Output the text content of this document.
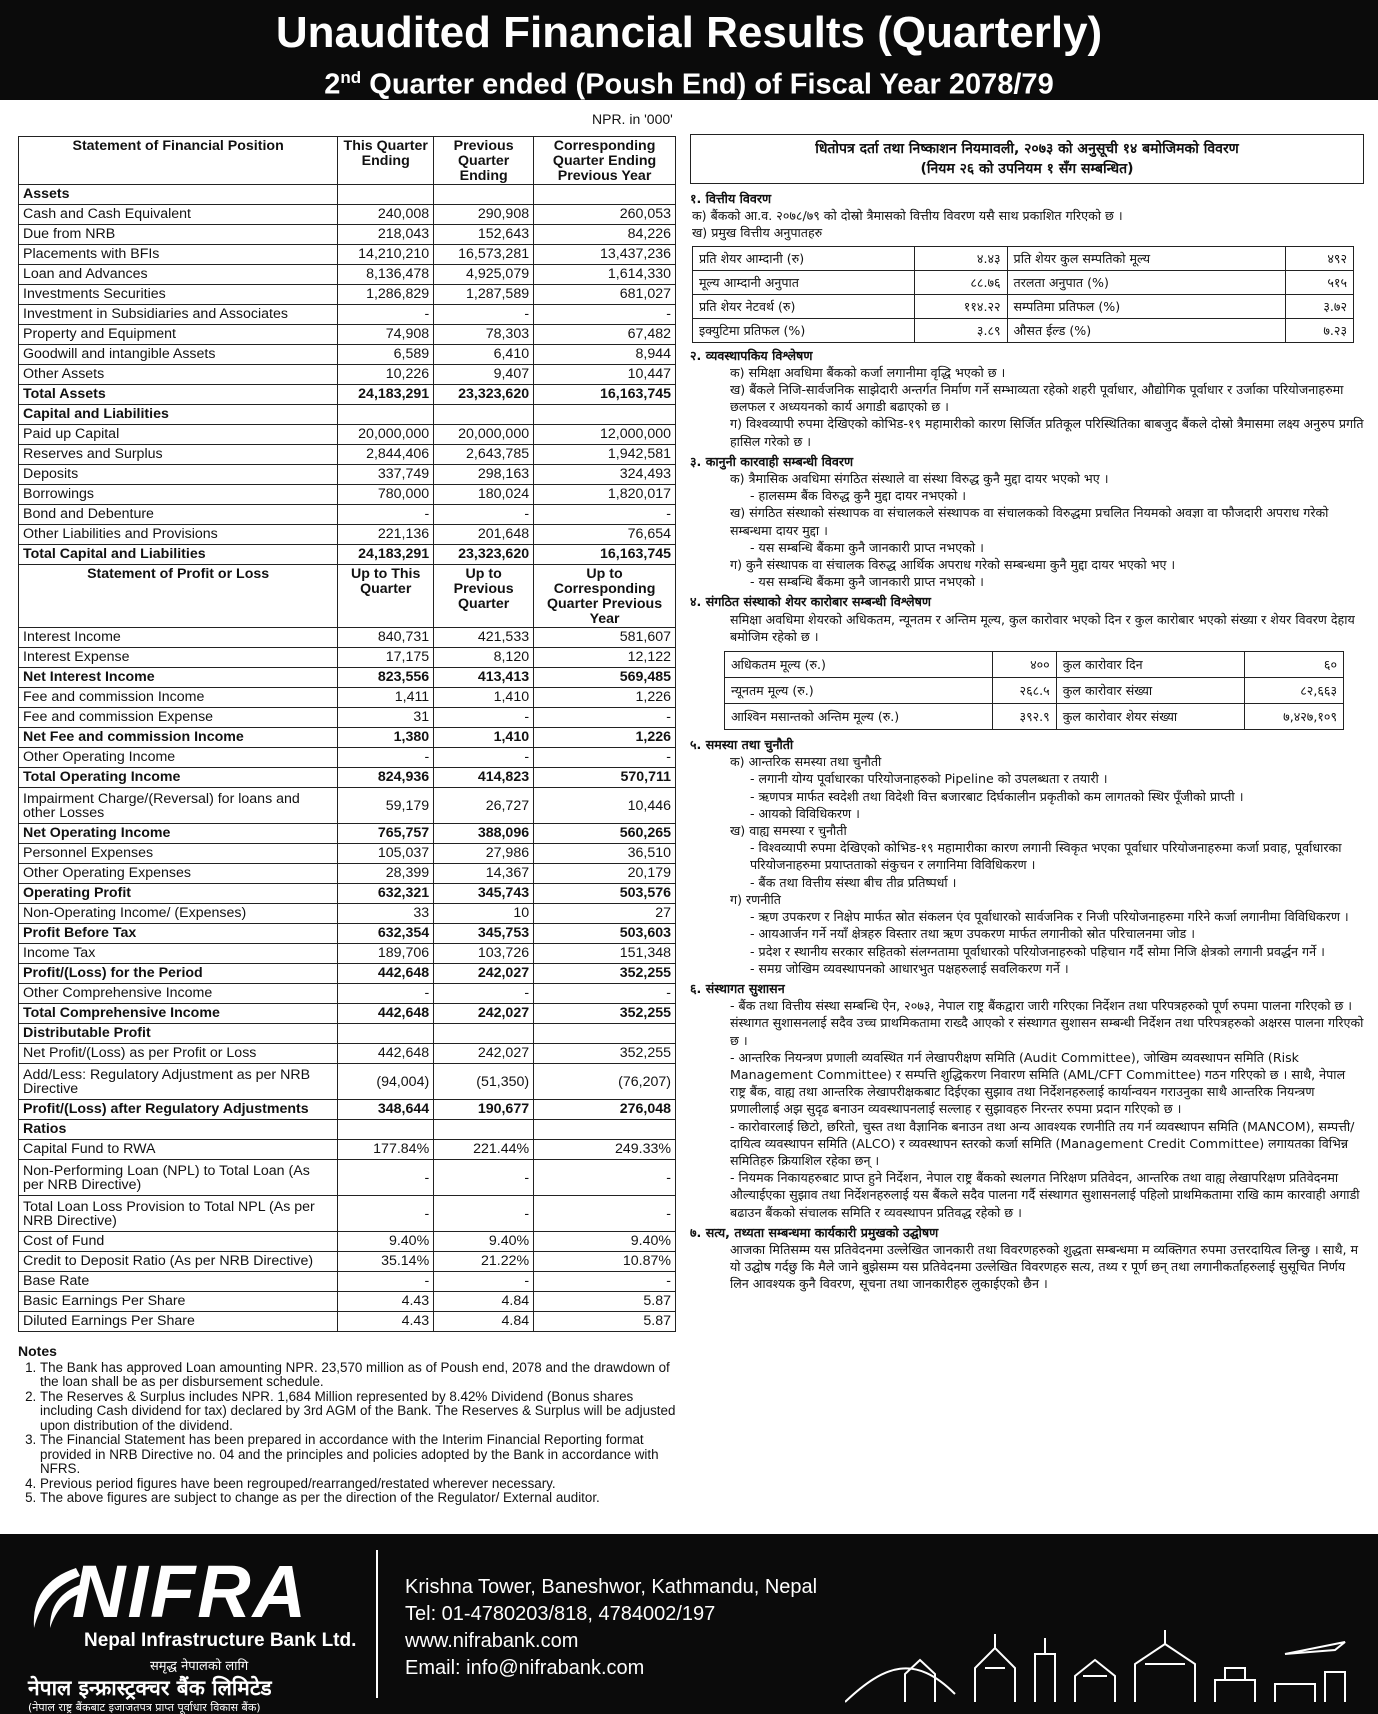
Unaudited Financial Results (Quarterly)
2nd Quarter ended (Poush End) of Fiscal Year 2078/79
NPR. in '000'
Statement of Financial Position	This Quarter Ending	Previous Quarter Ending	Corresponding Quarter Ending Previous Year
Assets			
Cash and Cash Equivalent	240,008	290,908	260,053
Due from NRB	218,043	152,643	84,226
Placements with BFIs	14,210,210	16,573,281	13,437,236
Loan and Advances	8,136,478	4,925,079	1,614,330
Investments Securities	1,286,829	1,287,589	681,027
Investment in Subsidiaries and Associates	-	-	-
Property and Equipment	74,908	78,303	67,482
Goodwill and intangible Assets	6,589	6,410	8,944
Other Assets	10,226	9,407	10,447
Total Assets	24,183,291	23,323,620	16,163,745
Capital and Liabilities			
Paid up Capital	20,000,000	20,000,000	12,000,000
Reserves and Surplus	2,844,406	2,643,785	1,942,581
Deposits	337,749	298,163	324,493
Borrowings	780,000	180,024	1,820,017
Bond and Debenture	-	-	-
Other Liabilities and Provisions	221,136	201,648	76,654
Total Capital and Liabilities	24,183,291	23,323,620	16,163,745
Statement of Profit or Loss	Up to This Quarter	Up to Previous Quarter	Up to Corresponding Quarter Previous Year
Interest Income	840,731	421,533	581,607
Interest Expense	17,175	8,120	12,122
Net Interest Income	823,556	413,413	569,485
Fee and commission Income	1,411	1,410	1,226
Fee and commission Expense	31	-	-
Net Fee and commission Income	1,380	1,410	1,226
Other Operating Income	-	-	-
Total Operating Income	824,936	414,823	570,711
Impairment Charge/(Reversal) for loans and other Losses	59,179	26,727	10,446
Net Operating Income	765,757	388,096	560,265
Personnel Expenses	105,037	27,986	36,510
Other Operating Expenses	28,399	14,367	20,179
Operating Profit	632,321	345,743	503,576
Non-Operating Income/ (Expenses)	33	10	27
Profit Before Tax	632,354	345,753	503,603
Income Tax	189,706	103,726	151,348
Profit/(Loss) for the Period	442,648	242,027	352,255
Other Comprehensive Income	-	-	-
Total Comprehensive Income	442,648	242,027	352,255
Distributable Profit			
Net Profit/(Loss) as per Profit or Loss	442,648	242,027	352,255
Add/Less: Regulatory Adjustment as per NRB Directive	(94,004)	(51,350)	(76,207)
Profit/(Loss) after Regulatory Adjustments	348,644	190,677	276,048
Ratios			
Capital Fund to RWA	177.84%	221.44%	249.33%
Non-Performing Loan (NPL) to Total Loan (As per NRB Directive)	-	-	-
Total Loan Loss Provision to Total NPL (As per NRB Directive)	-	-	-
Cost of Fund	9.40%	9.40%	9.40%
Credit to Deposit Ratio (As per NRB Directive)	35.14%	21.22%	10.87%
Base Rate	-	-	-
Basic Earnings Per Share	4.43	4.84	5.87
Diluted Earnings Per Share	4.43	4.84	5.87
Notes
1. The Bank has approved Loan amounting NPR. 23,570 million as of Poush end, 2078 and the drawdown of the loan shall be as per disbursement schedule.
2. The Reserves & Surplus includes NPR. 1,684 Million represented by 8.42% Dividend (Bonus shares including Cash dividend for tax) declared by 3rd AGM of the Bank. The Reserves & Surplus will be adjusted upon distribution of the dividend.
3. The Financial Statement has been prepared in accordance with the Interim Financial Reporting format provided in NRB Directive no. 04 and the principles and policies adopted by the Bank in accordance with NFRS.
4. Previous period figures have been regrouped/rearranged/restated wherever necessary.
5. The above figures are subject to change as per the direction of the Regulator/ External auditor.
धितोपत्र दर्ता तथा निष्काशन नियमावली, २०७३ को अनुसूची १४ बमोजिमको विवरण
(नियम २६ को उपनियम १ सँग सम्बन्धित)
१. वित्तीय विवरण
क) बैंकको आ.व. २०७८/७९ को दोस्रो त्रैमासको वित्तीय विवरण यसै साथ प्रकाशित गरिएको छ ।
ख) प्रमुख वित्तीय अनुपातहरु
प्रति शेयर आम्दानी (रु)	४.४३	प्रति शेयर कुल सम्पतिको मूल्य	४९२
मूल्य आम्दानी अनुपात	८८.७६	तरलता अनुपात (%)	५१५
प्रति शेयर नेटवर्थ (रु)	११४.२२	सम्पतिमा प्रतिफल (%)	३.७२
इक्युटिमा प्रतिफल (%)	३.८९	औसत ईल्ड (%)	७.२३
२. व्यवस्थापकिय विश्लेषण
क) समिक्षा अवधिमा बैंकको कर्जा लगानीमा वृद्धि भएको छ ।
ख) बैंकले निजि-सार्वजनिक साझेदारी अन्तर्गत निर्माण गर्ने सम्भाव्यता रहेको शहरी पूर्वाधार, औद्योगिक पूर्वाधार र उर्जाका परियोजनाहरुमा छलफल र अध्ययनको कार्य अगाडी बढाएको छ ।
ग) विश्वव्यापी रुपमा देखिएको कोभिड-१९ महामारीको कारण सिर्जित प्रतिकूल परिस्थितिका बाबजुद बैंकले दोस्रो त्रैमासमा लक्ष्य अनुरुप प्रगति हासिल गरेको छ ।
३. कानुनी कारवाही सम्बन्धी विवरण
क) त्रैमासिक अवधिमा संगठित संस्थाले वा संस्था विरुद्ध कुनै मुद्दा दायर भएको भए ।
- हालसम्म बैंक विरुद्ध कुनै मुद्दा दायर नभएको ।
ख) संगठित संस्थाको संस्थापक वा संचालकले संस्थापक वा संचालकको विरुद्धमा प्रचलित नियमको अवज्ञा वा फौजदारी अपराध गरेको सम्बन्धमा दायर मुद्दा ।
- यस सम्बन्धि बैंकमा कुनै जानकारी प्राप्त नभएको ।
ग) कुनै संस्थापक वा संचालक विरुद्ध आर्थिक अपराध गरेको सम्बन्धमा कुनै मुद्दा दायर भएको भए ।
- यस सम्बन्धि बैंकमा कुनै जानकारी प्राप्त नभएको ।
४. संगठित संस्थाको शेयर कारोबार सम्बन्धी विश्लेषण
समिक्षा अवधिमा शेयरको अधिकतम, न्यूनतम र अन्तिम मूल्य, कुल कारोवार भएको दिन र कुल कारोबार भएको संख्या र शेयर विवरण देहाय बमोजिम रहेको छ ।
अधिकतम मूल्य (रु.)	४००	कुल कारोवार दिन	६०
न्यूनतम मूल्य (रु.)	२६८.५	कुल कारोवार संख्या	८२,६६३
आश्विन मसान्तको अन्तिम मूल्य (रु.)	३९२.९	कुल कारोवार शेयर संख्या	७,४२७,१०९
५. समस्या तथा चुनौती
क) आन्तरिक समस्या तथा चुनौती
- लगानी योग्य पूर्वाधारका परियोजनाहरुको Pipeline को उपलब्धता र तयारी ।
- ऋणपत्र मार्फत स्वदेशी तथा विदेशी वित्त बजारबाट दिर्घकालीन प्रकृतीको कम लागतको स्थिर पूँजीको प्राप्ती ।
- आयको विविधिकरण ।
ख) वाह्य समस्या र चुनौती
- विश्वव्यापी रुपमा देखिएको कोभिड-१९ महामारीका कारण लगानी स्विकृत भएका पूर्वाधार परियोजनाहरुमा कर्जा प्रवाह, पूर्वाधारका परियोजनाहरुमा प्रयाप्तताको संकुचन र लगानिमा विविधिकरण ।
- बैंक तथा वित्तीय संस्था बीच तीव्र प्रतिष्पर्धा ।
ग) रणनीति
- ऋण उपकरण र निक्षेप मार्फत स्रोत संकलन एंव पूर्वाधारको सार्वजनिक र निजी परियोजनाहरुमा गरिने कर्जा लगानीमा विविधिकरण ।
- आयआर्जन गर्ने नयाँ क्षेत्रहरु विस्तार तथा ऋण उपकरण मार्फत लगानीको स्रोत परिचालनमा जोड ।
- प्रदेश र स्थानीय सरकार सहितको संलग्नतामा पूर्वाधारको परियोजनाहरुको पहिचान गर्दै सोमा निजि क्षेत्रको लगानी प्रवर्द्धन गर्ने ।
- समग्र जोखिम व्यवस्थापनको आधारभुत पक्षहरुलाई सवलिकरण गर्ने ।
६. संस्थागत सुशासन
- बैंक तथा वित्तीय संस्था सम्बन्धि ऐन, २०७३, नेपाल राष्ट्र बैंकद्वारा जारी गरिएका निर्देशन तथा परिपत्रहरुको पूर्ण रुपमा पालना गरिएको छ । संस्थागत सुशासनलाई सदैव उच्च प्राथमिकतामा राख्दै आएको र संस्थागत सुशासन सम्बन्धी निर्देशन तथा परिपत्रहरुको अक्षरस पालना गरिएको छ ।
- आन्तरिक नियन्त्रण प्रणाली व्यवस्थित गर्न लेखापरीक्षण समिति (Audit Committee), जोखिम व्यवस्थापन समिति (Risk Management Committee) र सम्पत्ति शुद्धिकरण निवारण समिति (AML/CFT Committee) गठन गरिएको छ । साथै, नेपाल राष्ट्र बैंक, वाह्य तथा आन्तरिक लेखापरीक्षकबाट दिईएका सुझाव तथा निर्देशनहरुलाई कार्यान्वयन गराउनुका साथै आन्तरिक नियन्त्रण प्रणालीलाई अझ सुदृढ बनाउन व्यवस्थापनलाई सल्लाह र सुझावहरु निरन्तर रुपमा प्रदान गरिएको छ ।
- कारोवारलाई छिटो, छरितो, चुस्त तथा वैज्ञानिक बनाउन तथा अन्य आवश्यक रणनीति तय गर्न व्यवस्थापन समिति (MANCOM), सम्पत्ती/दायित्व व्यवस्थापन समिति (ALCO) र व्यवस्थापन स्तरको कर्जा समिति (Management Credit Committee) लगायतका विभिन्न समितिहरु क्रियाशिल रहेका छन् ।
- नियमक निकायहरुबाट प्राप्त हुने निर्देशन, नेपाल राष्ट्र बैंकको स्थलगत निरिक्षण प्रतिवेदन, आन्तरिक तथा वाह्य लेखापरिक्षण प्रतिवेदनमा औल्याईएका सुझाव तथा निर्देशनहरुलाई यस बैंकले सदैव पालना गर्दै संस्थागत सुशासनलाई पहिलो प्राथमिकतामा राखि काम कारवाही अगाडी बढाउन बैंकको संचालक समिति र व्यवस्थापन प्रतिवद्ध रहेको छ ।
७. सत्य, तथ्यता सम्बन्धमा कार्यकारी प्रमुखको उद्घोषण
आजका मितिसम्म यस प्रतिवेदनमा उल्लेखित जानकारी तथा विवरणहरुको शुद्धता सम्बन्धमा म व्यक्तिगत रुपमा उत्तरदायित्व लिन्छु । साथै, म यो उद्घोष गर्दछु कि मैले जाने बुझेसम्म यस प्रतिवेदनमा उल्लेखित विवरणहरु सत्य, तथ्य र पूर्ण छन् तथा लगानीकर्ताहरुलाई सुसूचित निर्णय लिन आवश्यक कुनै विवरण, सूचना तथा जानकारीहरु लुकाईएको छैन ।
NIFRA
Nepal Infrastructure Bank Ltd.
समृद्ध नेपालको लागि
नेपाल इन्फ्रास्ट्रक्चर बैंक लिमिटेड
(नेपाल राष्ट्र बैंकबाट इजाजतपत्र प्राप्त पूर्वाधार विकास बैंक)
Krishna Tower, Baneshwor, Kathmandu, Nepal
Tel: 01-4780203/818, 4784002/197
www.nifrabank.com
Email: info@nifrabank.com
